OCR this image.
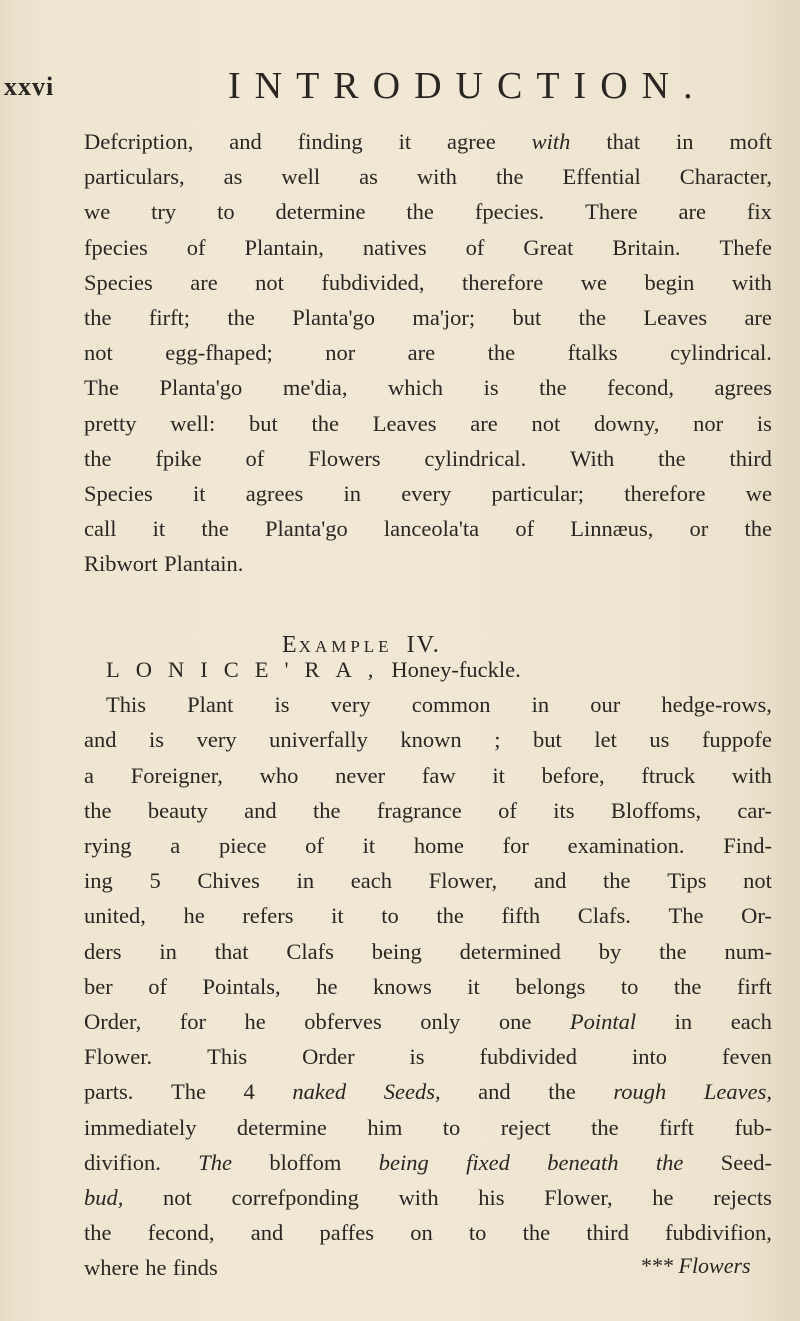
xxvi	INTRODUCTION.
Defcription, and finding it agree with that in moft
particulars, as well as with the Effential Character,
we try to determine the fpecies. There are fix
fpecies of Plantain, natives of Great Britain. Thefe
Species are not fubdivided, therefore we begin with
the firft; the Planta'go ma'jor; but the Leaves are
not egg-fhaped; nor are the ftalks cylindrical.
The Planta'go me'dia, which is the fecond, agrees
pretty well: but the Leaves are not downy, nor is
the fpike of Flowers cylindrical. With the third
Species it agrees in every particular; therefore we
call it the Planta'go lanceola'ta of Linnæus, or the
Ribwort Plantain.
LONICE'RA, Honey-fuckle.
This Plant is very common in our hedge-rows,
and is very univerfally known ; but let us fuppofe
a Foreigner, who never faw it before, ftruck with
the beauty and the fragrance of its Bloffoms, car-
rying a piece of it home for examination. Find-
ing 5 Chives in each Flower, and the Tips not
united, he refers it to the fifth Clafs. The Or-
ders in that Clafs being determined by the num-
ber of Pointals, he knows it belongs to the firft
Order, for he obferves only one Pointal in each
Flower. This Order is fubdivided into feven
parts. The 4 naked Seeds, and the rough Leaves,
immediately determine him to reject the firft fub-
divifion. The bloffom being fixed beneath the Seed-
bud, not correfponding with his Flower, he rejects
the fecond, and paffes on to the third fubdivifion,
where he finds
EXAMPLE IV.
*** Flowers
